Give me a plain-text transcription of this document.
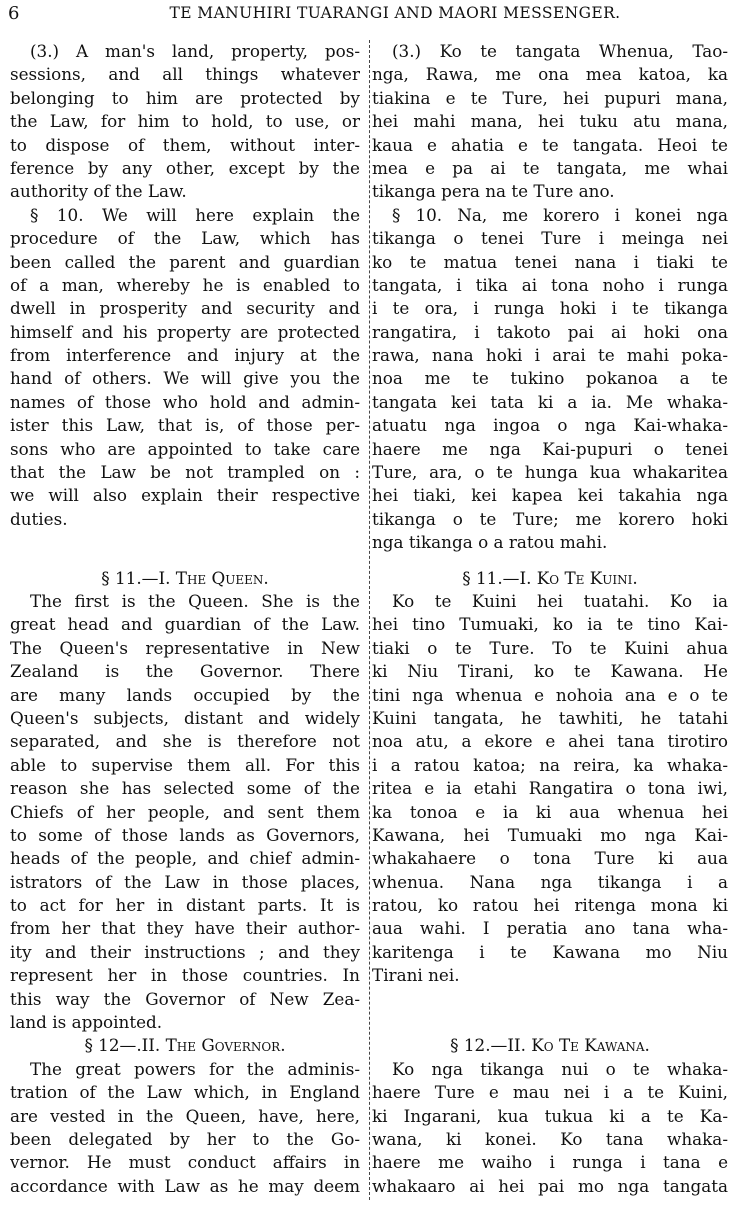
6	TE MANUHIRI TUARANGI AND MAORI MESSENGER.
(3.) A man's land, property, pos-
sessions, and all things whatever
belonging to him are protected by
the Law, for him to hold, to use, or
to dispose of them, without inter-
ference by any other, except by the
authority of the Law.
§ 10. We will here explain the
procedure of the Law, which has
been called the parent and guardian
of a man, whereby he is enabled to
dwell in prosperity and security and
himself and his property are protected
from interference and injury at the
hand of others. We will give you the
names of those who hold and admin-
ister this Law, that is, of those per-
sons who are appointed to take care
that the Law be not trampled on :
we will also explain their respective
duties.
§ 11.—I. The Queen.
The first is the Queen. She is the
great head and guardian of the Law.
The Queen's representative in New
Zealand is the Governor. There
are many lands occupied by the
Queen's subjects, distant and widely
separated, and she is therefore not
able to supervise them all. For this
reason she has selected some of the
Chiefs of her people, and sent them
to some of those lands as Governors,
heads of the people, and chief admin-
istrators of the Law in those places,
to act for her in distant parts. It is
from her that they have their author-
ity and their instructions ; and they
represent her in those countries. In
this way the Governor of New Zea-
land is appointed.
§ 12—.II. The Governor.
The great powers for the adminis-
tration of the Law which, in England
are vested in the Queen, have, here,
been delegated by her to the Go-
vernor. He must conduct affairs in
accordance with Law as he may deem
(3.) Ko te tangata Whenua, Tao-
nga, Rawa, me ona mea katoa, ka
tiakina e te Ture, hei pupuri mana,
hei mahi mana, hei tuku atu mana,
kaua e ahatia e te tangata. Heoi te
mea e pa ai te tangata, me whai
tikanga pera na te Ture ano.
§ 10. Na, me korero i konei nga
tikanga o tenei Ture i meinga nei
ko te matua tenei nana i tiaki te
tangata, i tika ai tona noho i runga
i te ora, i runga hoki i te tikanga
rangatira, i takoto pai ai hoki ona
rawa, nana hoki i arai te mahi poka-
noa me te tukino pokanoa a te
tangata kei tata ki a ia. Me whaka-
atuatu nga ingoa o nga Kai-whaka-
haere me nga Kai-pupuri o tenei
Ture, ara, o te hunga kua whakaritea
hei tiaki, kei kapea kei takahia nga
tikanga o te Ture; me korero hoki
nga tikanga o a ratou mahi.
§ 11.—I. Ko Te Kuini.
Ko te Kuini hei tuatahi. Ko ia
hei tino Tumuaki, ko ia te tino Kai-
tiaki o te Ture. To te Kuini ahua
ki Niu Tirani, ko te Kawana. He
tini nga whenua e nohoia ana e o te
Kuini tangata, he tawhiti, he tatahi
noa atu, a ekore e ahei tana tirotiro
i a ratou katoa; na reira, ka whaka-
ritea e ia etahi Rangatira o tona iwi,
ka tonoa e ia ki aua whenua hei
Kawana, hei Tumuaki mo nga Kai-
whakahaere o tona Ture ki aua
whenua. Nana nga tikanga i a
ratou, ko ratou hei ritenga mona ki
aua wahi. I peratia ano tana wha-
karitenga i te Kawana mo Niu
Tirani nei.
§ 12.—II. Ko Te Kawana.
Ko nga tikanga nui o te whaka-
haere Ture e mau nei i a te Kuini,
ki Ingarani, kua tukua ki a te Ka-
wana, ki konei. Ko tana whaka-
haere me waiho i runga i tana e
whakaaro ai hei pai mo nga tangata
